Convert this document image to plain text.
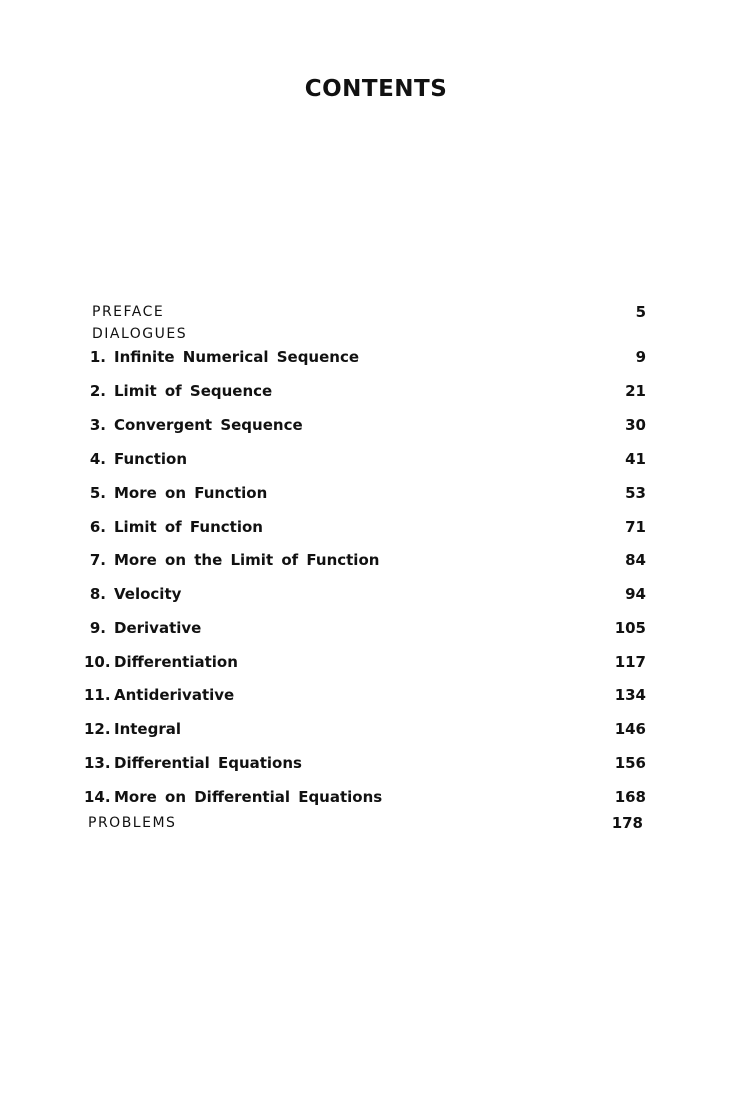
CONTENTS
PREFACE	5
DIALOGUES
1. Infinite Numerical Sequence	9
2. Limit of Sequence	21
3. Convergent Sequence	30
4. Function	41
5. More on Function	53
6. Limit of Function	71
7. More on the Limit of Function	84
8. Velocity	94
9. Derivative	105
10. Differentiation	117
11. Antiderivative	134
12. Integral	146
13. Differential Equations	156
14. More on Differential Equations	168
PROBLEMS	178
